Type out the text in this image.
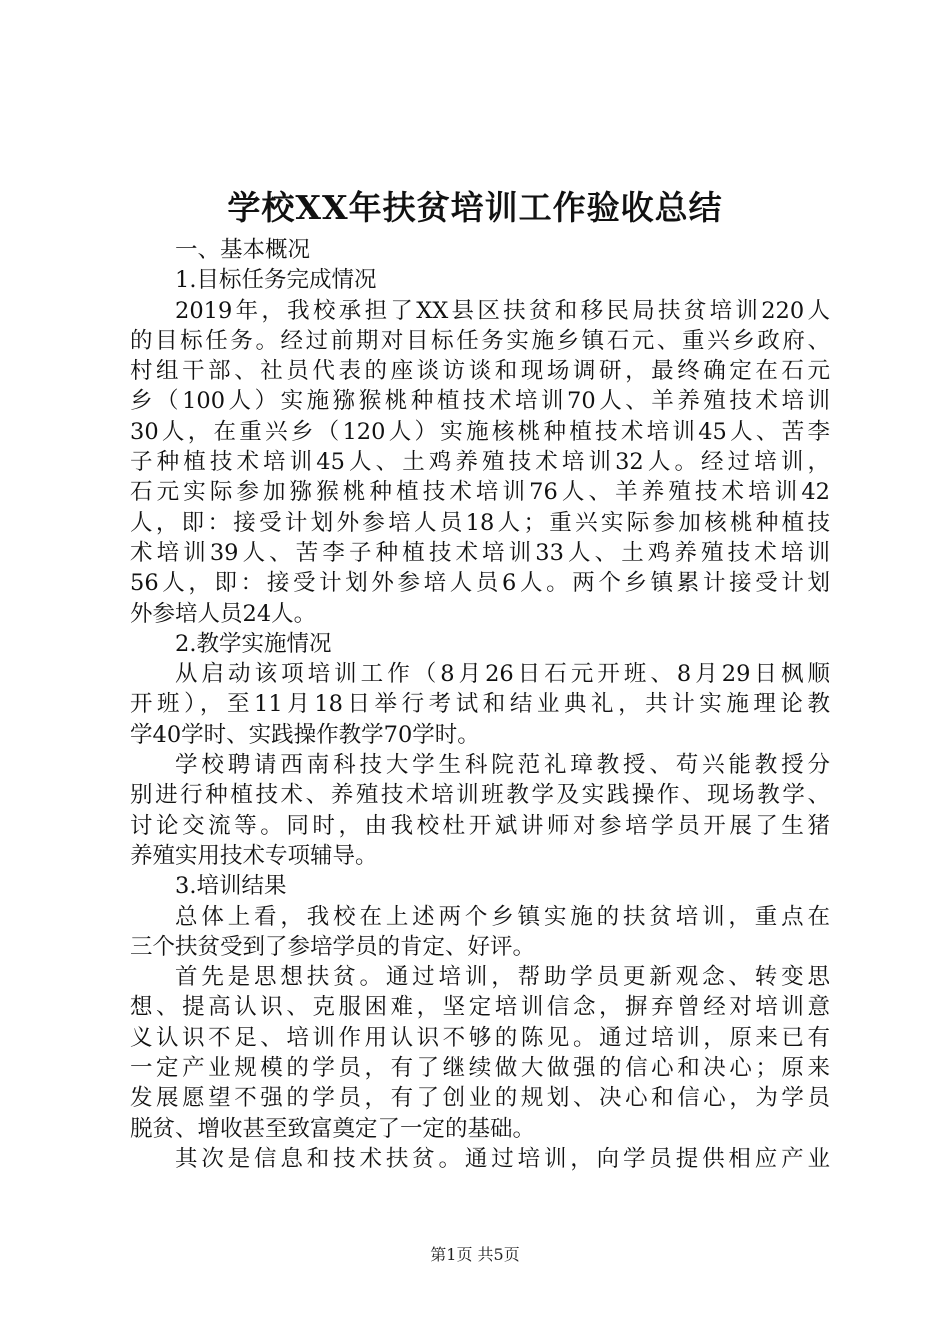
学校XX年扶贫培训工作验收总结
一、基本概况
1.目标任务完成情况
2019年，我校承担了XX县区扶贫和移民局扶贫培训220人
的目标任务。经过前期对目标任务实施乡镇石元、重兴乡政府、
村组干部、社员代表的座谈访谈和现场调研，最终确定在石元
乡（100人）实施猕猴桃种植技术培训70人、羊养殖技术培训
30人，在重兴乡（120人）实施核桃种植技术培训45人、苦李
子种植技术培训45人、土鸡养殖技术培训32人。经过培训，
石元实际参加猕猴桃种植技术培训76人、羊养殖技术培训42
人，即：接受计划外参培人员18人；重兴实际参加核桃种植技
术培训39人、苦李子种植技术培训33人、土鸡养殖技术培训
56人，即：接受计划外参培人员6人。两个乡镇累计接受计划
外参培人员24人。
2.教学实施情况
从启动该项培训工作（8月26日石元开班、8月29日枫顺
开班），至11月18日举行考试和结业典礼，共计实施理论教
学40学时、实践操作教学70学时。
学校聘请西南科技大学生科院范礼璋教授、苟兴能教授分
别进行种植技术、养殖技术培训班教学及实践操作、现场教学、
讨论交流等。同时，由我校杜开斌讲师对参培学员开展了生猪
养殖实用技术专项辅导。
3.培训结果
总体上看，我校在上述两个乡镇实施的扶贫培训，重点在
三个扶贫受到了参培学员的肯定、好评。
首先是思想扶贫。通过培训，帮助学员更新观念、转变思
想、提高认识、克服困难，坚定培训信念，摒弃曾经对培训意
义认识不足、培训作用认识不够的陈见。通过培训，原来已有
一定产业规模的学员，有了继续做大做强的信心和决心；原来
发展愿望不强的学员，有了创业的规划、决心和信心，为学员
脱贫、增收甚至致富奠定了一定的基础。
其次是信息和技术扶贫。通过培训，向学员提供相应产业
第1页 共5页
